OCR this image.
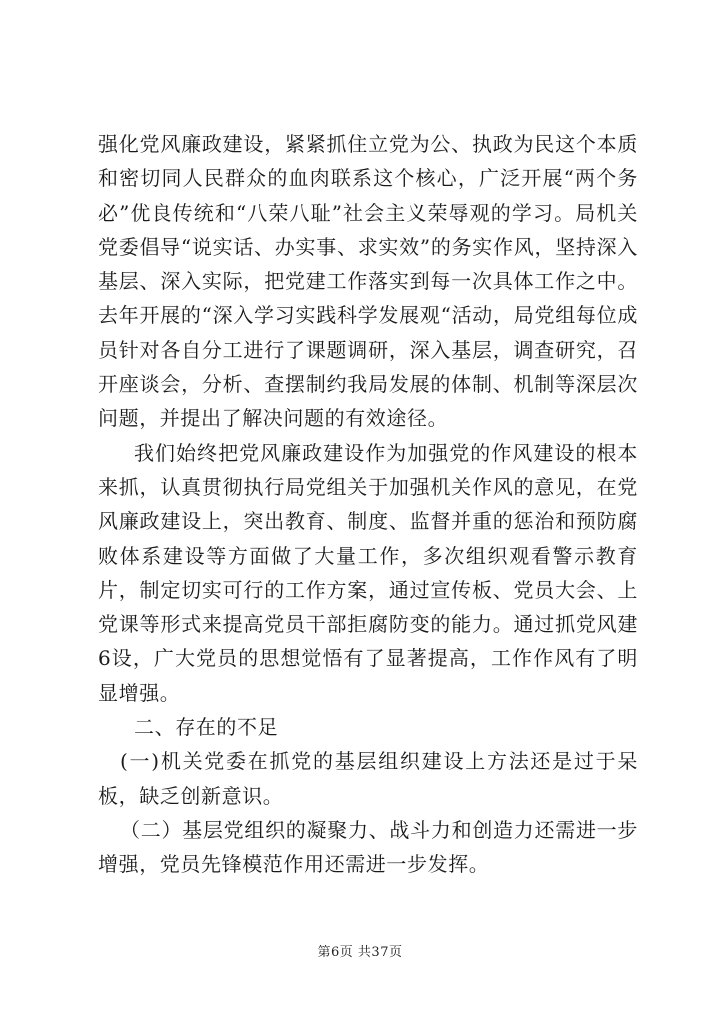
强化党风廉政建设，紧紧抓住立党为公、执政为民这个本质和密切同人民群众的血肉联系这个核心，广泛开展“两个务必”优良传统和“八荣八耻”社会主义荣辱观的学习。局机关党委倡导“说实话、办实事、求实效”的务实作风，坚持深入基层、深入实际，把党建工作落实到每一次具体工作之中。去年开展的“深入学习实践科学发展观“活动，局党组每位成员针对各自分工进行了课题调研，深入基层，调查研究，召开座谈会，分析、查摆制约我局发展的体制、机制等深层次问题，并提出了解决问题的有效途径。

我们始终把党风廉政建设作为加强党的作风建设的根本来抓，认真贯彻执行局党组关于加强机关作风的意见，在党风廉政建设上，突出教育、制度、监督并重的惩治和预防腐败体系建设等方面做了大量工作，多次组织观看警示教育片，制定切实可行的工作方案，通过宣传板、党员大会、上党课等形式来提高党员干部拒腐防变的能力。通过抓党风建6设，广大党员的思想觉悟有了显著提高，工作作风有了明显增强。

二、存在的不足

(一)机关党委在抓党的基层组织建设上方法还是过于呆板，缺乏创新意识。

（二）基层党组织的凝聚力、战斗力和创造力还需进一步增强，党员先锋模范作用还需进一步发挥。

第6页 共37页
